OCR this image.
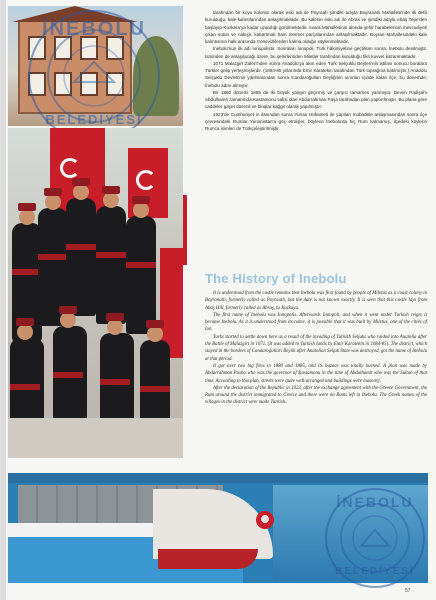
İNEBOLU
BELEDİYESİ

tarafından bir koyu kolonisi olarak eski adı ile Poyraafı şimdiki adıyla Boyranatlı Mahallesi'nde ilk defa kurulduğu, kale kalıntılarından anlaşılmaktadır. Bu kalenin eski adı ile Abras ve şimdiki adıyla Abaş Tepe'den başlayıp Kozkara'ya kadar uzandığı görülmektedir. Avara Mahallesinin altında şehir harabelerinin mevcudiyeti çıkan sütun ve nakışlı, kabartmalı ham mermer parçalarından anlaşılmaktadır. Boyran Mahallesindeki kale kalıntısının halk arasında Cenevizlilerden kalma olduğu söylenmektedir.

İnebolu'nun ilk adı İonopolistir. Sonraları İonopoli, Türk hâkimiyetine geçtikten sonra, İnebolu denilmiştir. İsminden de anlaşılacağı üzere, bu şehirlerinden Miletler tarafından kurulduğu fikri kuvvet kazanmaktadır.

1071 Malazgirt Zaferi'nden sonra Anadolu'ya akın eden Türk Selçuklu Beyleri'nin istilası sonucu buralara Türkler gelip yerleşmişlerdir. (1084-85 yıllarında Emir Karatekin tarafından Türk toprağına katılmıştır.) Anadolu Selçuklu Devleti'nin yıkılmasından sonra Candaroğulları Beyliğinin sınırları içinde kalan ilçe, bu dönemde, İnebolu adını almıştır.

Bir 1880 dönemi 1885 de iki büyük yangın geçirmiş ve çarşısı tamamen yanmıştır. Devrin Padişahı Abdulhamit zamanında Kastamonu valisi olan Abdurrahman Paşa tarafından plan yaptırılmıştır. Bu plana göre caddeler gayet düzenli ve binalar kağgir olarak yapılmıştır.

1923'de Cumhuriyet in ilanından sonra Yunan Hükümeti ile yapılan mübadele anlaşmasından sonra ilçe çevresindeki Rumlar Yunanistan'a göç etmişler, böylece İnebolu'da hiç Rum kalmamış, ilçedeki köylerin Rumca isimleri de Türkçeleştirilmiştir.

The History of Inebolu

It is understood from the castle remains that Inebolu was first found by people of Miletus as a coast colony in Boyranatlı, formerly called as Poyraatlı, but the date is not known exactly. It is seen that this castle lays from Abaş Hill, formerly called as Abraş, to Kozkaya.

The first name of Inebolu was Ionopolis. Afterwards Ionopoli, and when it went under Turkish reign, it became Inebolu. As it is understood from its name, it is possible that it was built by Miletus, one of the cities of Ion.

Turks started to settle down here as a result of the invading of Turkish Seljuks who raided into Anatolia after the Battle of Malazgirt in 1071. (It was added to Turkish lands by Emir Karatekin in 1084-85). The district, which stayed in the borders of Candaroğulları Beylik after Anatolian Seljuk State was destroyed, got the name of Inebolu at that period.

It got over two big fires in 1880 and 1885, and its bazaar was totally burned. A plan was made by Abdurrahman Pasha who was the governor of Kastamonu in the time of Abdulhamit who was the Sultan of that time. According to this plan, streets were quite well-arranged and buildings were masonry.

After the declaration of the Republic in 1923, after the exchange agreement with the Greece Government, the Rum around the district immigrated to Greece and there were no Rums left in Inebolu. The Greek names of the villages in the district were made Turkish.

İNEBOLU
BELEDİYESİ

57
